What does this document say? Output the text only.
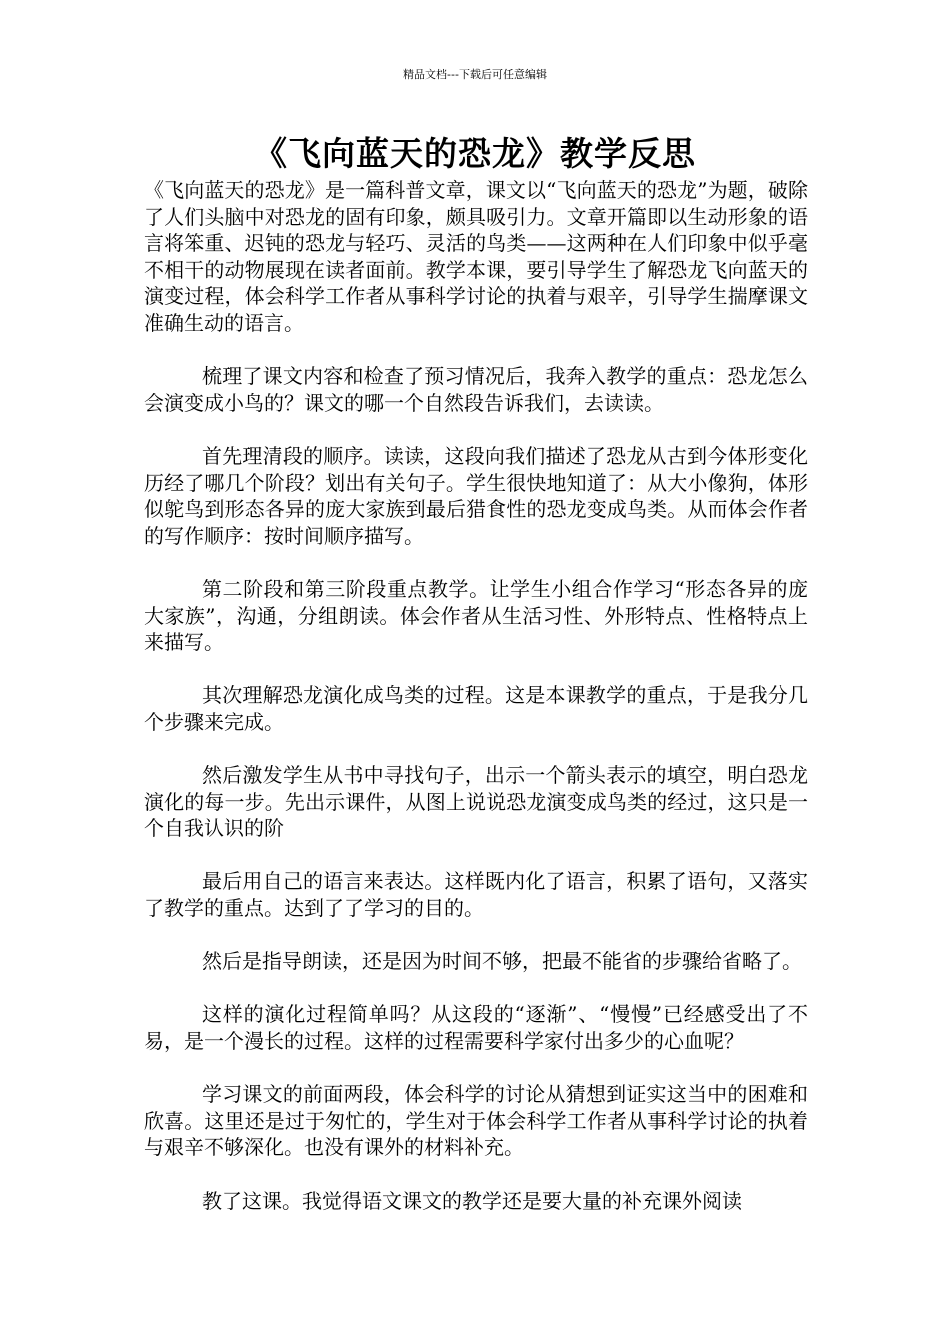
精品文档---下载后可任意编辑
《飞向蓝天的恐龙》教学反思

《飞向蓝天的恐龙》是一篇科普文章，课文以“飞向蓝天的恐龙”为题，破除了人们头脑中对恐龙的固有印象，颇具吸引力。文章开篇即以生动形象的语言将笨重、迟钝的恐龙与轻巧、灵活的鸟类——这两种在人们印象中似乎毫不相干的动物展现在读者面前。教学本课，要引导学生了解恐龙飞向蓝天的演变过程，体会科学工作者从事科学讨论的执着与艰辛，引导学生揣摩课文准确生动的语言。

梳理了课文内容和检查了预习情况后，我奔入教学的重点：恐龙怎么会演变成小鸟的？课文的哪一个自然段告诉我们，去读读。

首先理清段的顺序。读读，这段向我们描述了恐龙从古到今体形变化历经了哪几个阶段？划出有关句子。学生很快地知道了：从大小像狗，体形似鸵鸟到形态各异的庞大家族到最后猎食性的恐龙变成鸟类。从而体会作者的写作顺序：按时间顺序描写。

第二阶段和第三阶段重点教学。让学生小组合作学习“形态各异的庞大家族”，沟通，分组朗读。体会作者从生活习性、外形特点、性格特点上来描写。

其次理解恐龙演化成鸟类的过程。这是本课教学的重点，于是我分几个步骤来完成。

然后激发学生从书中寻找句子，出示一个箭头表示的填空，明白恐龙演化的每一步。先出示课件，从图上说说恐龙演变成鸟类的经过，这只是一个自我认识的阶

最后用自己的语言来表达。这样既内化了语言，积累了语句，又落实了教学的重点。达到了了学习的目的。

然后是指导朗读，还是因为时间不够，把最不能省的步骤给省略了。

这样的演化过程简单吗？从这段的“逐渐”、“慢慢”已经感受出了不易，是一个漫长的过程。这样的过程需要科学家付出多少的心血呢？

学习课文的前面两段，体会科学的讨论从猜想到证实这当中的困难和欣喜。这里还是过于匆忙的，学生对于体会科学工作者从事科学讨论的执着与艰辛不够深化。也没有课外的材料补充。

教了这课。我觉得语文课文的教学还是要大量的补充课外阅读
